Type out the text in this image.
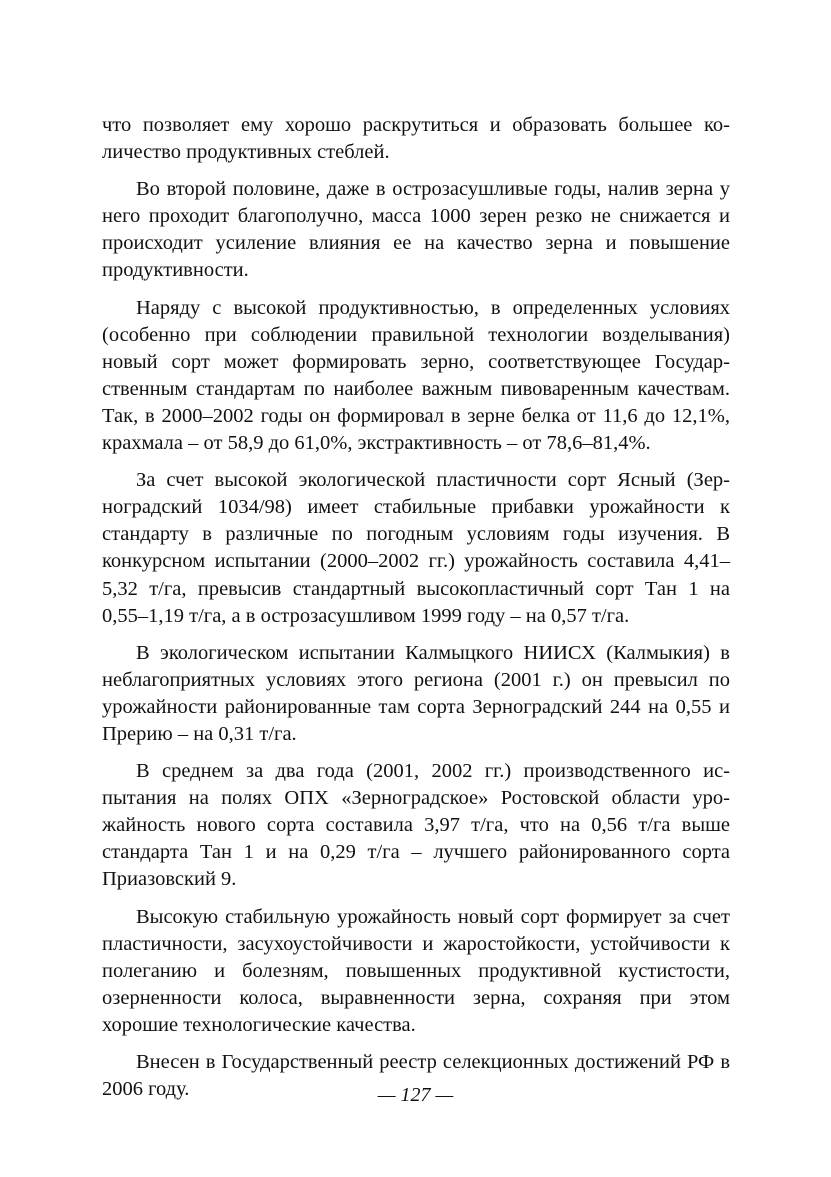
что позволяет ему хорошо раскрутиться и образовать большее количество продуктивных стеблей.

Во второй половине, даже в острозасушливые годы, налив зерна у него проходит благополучно, масса 1000 зерен резко не снижается и происходит усиление влияния ее на качество зерна и повышение продуктивности.

Наряду с высокой продуктивностью, в определенных условиях (особенно при соблюдении правильной технологии возделывания) новый сорт может формировать зерно, соответствующее Государственным стандартам по наиболее важным пивоваренным качествам. Так, в 2000–2002 годы он формировал в зерне белка от 11,6 до 12,1%, крахмала – от 58,9 до 61,0%, экстрактивность – от 78,6–81,4%.

За счет высокой экологической пластичности сорт Ясный (Зерноградский 1034/98) имеет стабильные прибавки урожайности к стандарту в различные по погодным условиям годы изучения. В конкурсном испытании (2000–2002 гг.) урожайность составила 4,41–5,32 т/га, превысив стандартный высокопластичный сорт Тан 1 на 0,55–1,19 т/га, а в острозасушливом 1999 году – на 0,57 т/га.

В экологическом испытании Калмыцкого НИИСХ (Калмыкия) в неблагоприятных условиях этого региона (2001 г.) он превысил по урожайности районированные там сорта Зерноградский 244 на 0,55 и Прерию – на 0,31 т/га.

В среднем за два года (2001, 2002 гг.) производственного испытания на полях ОПХ «Зерноградское» Ростовской области урожайность нового сорта составила 3,97 т/га, что на 0,56 т/га выше стандарта Тан 1 и на 0,29 т/га – лучшего районированного сорта Приазовский 9.

Высокую стабильную урожайность новый сорт формирует за счет пластичности, засухоустойчивости и жаростойкости, устойчивости к полеганию и болезням, повышенных продуктивной кустистости, озерненности колоса, выравненности зерна, сохраняя при этом хорошие технологические качества.

Внесен в Государственный реестр селекционных достижений РФ в 2006 году.	— 127 —
